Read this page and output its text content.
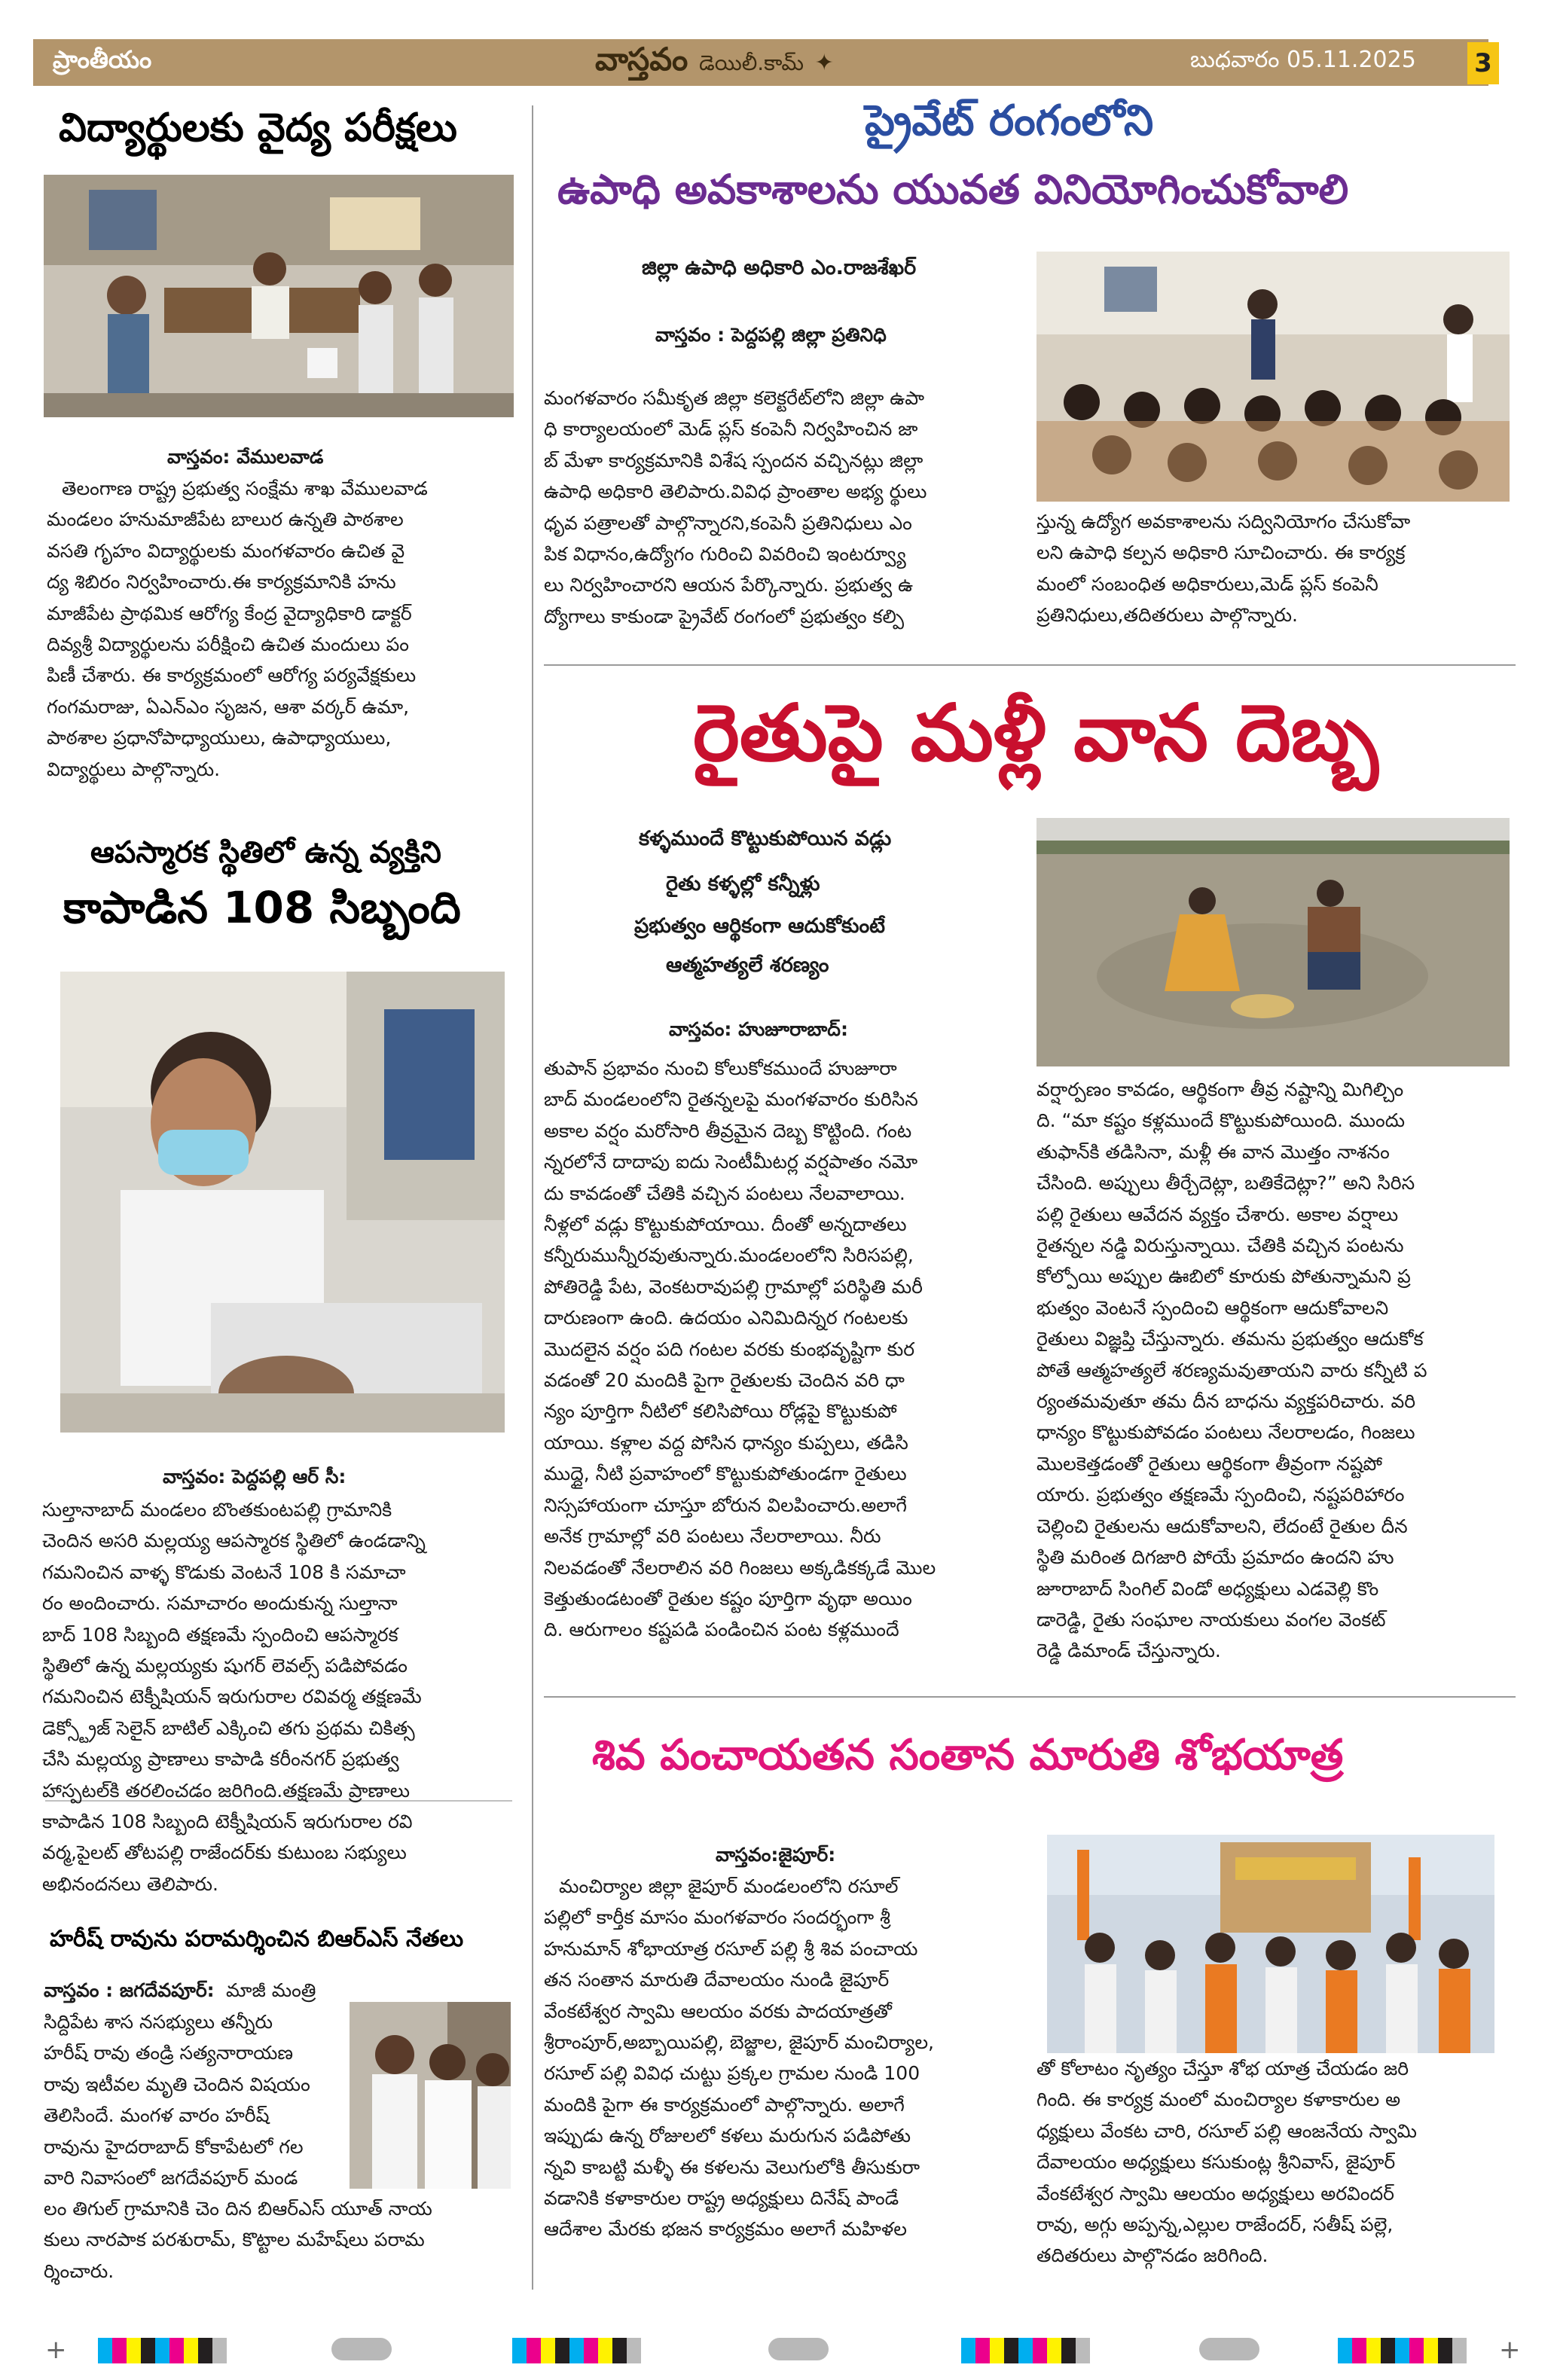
ప్రాంతీయం	వాస్తవం డెయిలీ.కామ్ ✦	బుధవారం 05.11.2025 3
విద్యార్థులకు వైద్య పరీక్షలు
వాస్తవం: వేములవాడ

తెలంగాణ రాష్ట్ర ప్రభుత్వ సంక్షేమ శాఖ వేములవాడ

మండలం హనుమాజీపేట బాలుర ఉన్నతి పాఠశాల

వసతి గృహం విద్యార్థులకు మంగళవారం ఉచిత వై

ద్య శిబిరం నిర్వహించారు.ఈ కార్యక్రమానికి హను

మాజీపేట ప్రాథమిక ఆరోగ్య కేంద్ర వైద్యాధికారి డాక్టర్

దివ్యశ్రీ విద్యార్థులను పరీక్షించి ఉచిత మందులు పం

పిణీ చేశారు. ఈ కార్యక్రమంలో ఆరోగ్య పర్యవేక్షకులు

గంగమరాజు, ఏఎన్ఎం సృజన, ఆశా వర్కర్ ఉమా,

పాఠశాల ప్రధానోపాధ్యాయులు, ఉపాధ్యాయులు,

విద్యార్థులు పాల్గొన్నారు.

ఆపస్మారక స్థితిలో ఉన్న వ్యక్తిని
కాపాడిన 108 సిబ్బంది
వాస్తవం: పెద్దపల్లి ఆర్ సీ:

సుల్తానాబాద్ మండలం బొంతకుంటపల్లి గ్రామానికి

చెందిన అసరి మల్లయ్య ఆపస్మారక స్థితిలో ఉండడాన్ని

గమనించిన వాళ్ళ కొడుకు వెంటనే 108 కి సమాచా

రం అందించారు. సమాచారం అందుకున్న సుల్తానా

బాద్ 108 సిబ్బంది తక్షణమే స్పందించి ఆపస్మారక

స్థితిలో ఉన్న మల్లయ్యకు షుగర్ లెవల్స్ పడిపోవడం

గమనించిన టెక్నీషియన్ ఇరుగురాల రవివర్మ తక్షణమే

డెక్స్ట్రోజ్ సెలైన్ బాటిల్ ఎక్కించి తగు ప్రథమ చికిత్స

చేసి మల్లయ్య ప్రాణాలు కాపాడి కరీంనగర్ ప్రభుత్వ

హాస్పటల్‌కి తరలించడం జరిగింది.తక్షణమే ప్రాణాలు

కాపాడిన 108 సిబ్బంది టెక్నీషియన్ ఇరుగురాల రవి

వర్మ,పైలట్ తోటపల్లి రాజేందర్‌కు కుటుంబ సభ్యులు

అభినందనలు తెలిపారు.

హరీష్ రావును పరామర్శించిన బిఆర్ఎస్ నేతలు
వాస్తవం : జగదేవపూర్: మాజీ మంత్రి

సిద్దిపేట శాస నసభ్యులు తన్నీరు

హరీష్ రావు తండ్రి సత్యనారాయణ

రావు ఇటీవల మృతి చెందిన విషయం

తెలిసిందే. మంగళ వారం హరీష్

రావును హైదరాబాద్ కోకాపేటలో గల

వారి నివాసంలో జగదేవపూర్ మండ

లం తిగుల్ గ్రామానికి చెం దిన బిఆర్ఎస్ యూత్ నాయ

కులు నారపాక పరశురామ్, కొట్టాల మహేష్‌లు పరామ

ర్శించారు.

ప్రైవేట్ రంగంలోని
ఉపాధి అవకాశాలను యువత వినియోగించుకోవాలి
జిల్లా ఉపాధి అధికారి ఎం.రాజశేఖర్
వాస్తవం : పెద్దపల్లి జిల్లా ప్రతినిధి

మంగళవారం సమీకృత జిల్లా కలెక్టరేట్‌లోని జిల్లా ఉపా

ధి కార్యాలయంలో మెడ్ ప్లస్ కంపెనీ నిర్వహించిన జా

బ్ మేళా కార్యక్రమానికి విశేష స్పందన వచ్చినట్లు జిల్లా

ఉపాధి అధికారి తెలిపారు.వివిధ ప్రాంతాల అభ్య ర్థులు

ధృవ పత్రాలతో పాల్గొన్నారని,కంపెనీ ప్రతినిధులు ఎం

పిక విధానం,ఉద్యోగం గురించి వివరించి ఇంటర్వ్యూ

లు నిర్వహించారని ఆయన పేర్కొన్నారు. ప్రభుత్వ ఉ

ద్యోగాలు కాకుండా ప్రైవేట్ రంగంలో ప్రభుత్వం కల్పి

స్తున్న ఉద్యోగ అవకాశాలను సద్వినియోగం చేసుకోవా

లని ఉపాధి కల్పన అధికారి సూచించారు. ఈ కార్యక్ర

మంలో సంబంధిత అధికారులు,మెడ్ ప్లస్ కంపెనీ

ప్రతినిధులు,తదితరులు పాల్గొన్నారు.

రైతుపై మళ్లీ వాన దెబ్బ
కళ్ళముందే కొట్టుకుపోయిన వడ్లు
రైతు కళ్ళల్లో కన్నీళ్లు
ప్రభుత్వం ఆర్థికంగా ఆదుకోకుంటే
ఆత్మహత్యలే శరణ్యం
వాస్తవం: హుజూరాబాద్:

తుపాన్ ప్రభావం నుంచి కోలుకోకముందే హుజూరా

బాద్ మండలంలోని రైతన్నలపై మంగళవారం కురిసిన

అకాల వర్షం మరోసారి తీవ్రమైన దెబ్బ కొట్టింది. గంట

న్నరలోనే దాదాపు ఐదు సెంటీమీటర్ల వర్షపాతం నమో

దు కావడంతో చేతికి వచ్చిన పంటలు నేలవాలాయి.

నీళ్లలో వడ్లు కొట్టుకుపోయాయి. దీంతో అన్నదాతలు

కన్నీరుమున్నీరవుతున్నారు.మండలంలోని సిరిసపల్లి,

పోతిరెడ్డి పేట, వెంకటరావుపల్లి గ్రామాల్లో పరిస్థితి మరీ

దారుణంగా ఉంది. ఉదయం ఎనిమిదిన్నర గంటలకు

మొదలైన వర్షం పది గంటల వరకు కుంభవృష్టిగా కుర

వడంతో 20 మందికి పైగా రైతులకు చెందిన వరి ధా

న్యం పూర్తిగా నీటిలో కలిసిపోయి రోడ్లపై కొట్టుకుపో

యాయి. కళ్లాల వద్ద పోసిన ధాన్యం కుప్పలు, తడిసి

ముద్దై, నీటి ప్రవాహంలో కొట్టుకుపోతుండగా రైతులు

నిస్సహాయంగా చూస్తూ బోరున విలపించారు.అలాగే

అనేక గ్రామాల్లో వరి పంటలు నేలరాలాయి. నీరు

నిలవడంతో నేలరాలిన వరి గింజలు అక్కడికక్కడే మొల

కెత్తుతుండటంతో రైతుల కష్టం పూర్తిగా వృథా అయిం

ది. ఆరుగాలం కష్టపడి పండించిన పంట కళ్లముందే

వర్షార్పణం కావడం, ఆర్థికంగా తీవ్ర నష్టాన్ని మిగిల్చిం

ది. “మా కష్టం కళ్లముందే కొట్టుకుపోయింది. ముందు

తుఫాన్‌కి తడిసినా, మళ్లీ ఈ వాన మొత్తం నాశనం

చేసింది. అప్పులు తీర్చేదెట్లా, బతికేదెట్లా?” అని సిరిస

పల్లి రైతులు ఆవేదన వ్యక్తం చేశారు. అకాల వర్షాలు

రైతన్నల నడ్డి విరుస్తున్నాయి. చేతికి వచ్చిన పంటను

కోల్పోయి అప్పుల ఊబిలో కూరుకు పోతున్నామని ప్ర

భుత్వం వెంటనే స్పందించి ఆర్థికంగా ఆదుకోవాలని

రైతులు విజ్ఞప్తి చేస్తున్నారు. తమను ప్రభుత్వం ఆదుకోక

పోతే ఆత్మహత్యలే శరణ్యమవుతాయని వారు కన్నీటి ప

ర్యంతమవుతూ తమ దీన బాధను వ్యక్తపరిచారు. వరి

ధాన్యం కొట్టుకుపోవడం పంటలు నేలరాలడం, గింజలు

మొలకెత్తడంతో రైతులు ఆర్థికంగా తీవ్రంగా నష్టపో

యారు. ప్రభుత్వం తక్షణమే స్పందించి, నష్టపరిహారం

చెల్లించి రైతులను ఆదుకోవాలని, లేదంటే రైతుల దీన

స్థితి మరింత దిగజారి పోయే ప్రమాదం ఉందని హు

జూరాబాద్ సింగిల్ విండో అధ్యక్షులు ఎడవెల్లి కొం

డారెడ్డి, రైతు సంఘాల నాయకులు వంగల వెంకట్

రెడ్డి డిమాండ్ చేస్తున్నారు.

శివ పంచాయతన సంతాన మారుతి శోభయాత్ర
వాస్తవం:జైపూర్:

మంచిర్యాల జిల్లా జైపూర్ మండలంలోని రసూల్

పల్లిలో కార్తీక మాసం మంగళవారం సందర్భంగా శ్రీ

హనుమాన్ శోభాయాత్ర రసూల్ పల్లి శ్రీ శివ పంచాయ

తన సంతాన మారుతి దేవాలయం నుండి జైపూర్

వేంకటేశ్వర స్వామి ఆలయం వరకు పాదయాత్రతో

శ్రీరాంపూర్,అబ్బాయిపల్లి, బెజ్జాల, జైపూర్ మంచిర్యాల,

రసూల్ పల్లి వివిధ చుట్టు ప్రక్కల గ్రామల నుండి 100

మందికి పైగా ఈ కార్యక్రమంలో పాల్గొన్నారు. అలాగే

ఇప్పుడు ఉన్న రోజులలో కళలు మరుగున పడిపోతు

న్నవి కాబట్టి మళ్ళీ ఈ కళలను వెలుగులోకి తీసుకురా

వడానికి కళాకారుల రాష్ట్ర అధ్యక్షులు దినేష్ పాండే

ఆదేశాల మేరకు భజన కార్యక్రమం అలాగే మహిళల

తో కోలాటం నృత్యం చేస్తూ శోభ యాత్ర చేయడం జరి

గింది. ఈ కార్యక్ర మంలో మంచిర్యాల కళాకారుల అ

ధ్యక్షులు వేంకట చారి, రసూల్ పల్లి ఆంజనేయ స్వామి

దేవాలయం అధ్యక్షులు కసుకుంట్ల శ్రీనివాస్, జైపూర్

వేంకటేశ్వర స్వామి ఆలయం అధ్యక్షులు అరవిందర్

రావు, అగ్గు అప్పన్న,ఎల్లుల రాజేందర్, సతీష్ పల్లె,

తదితరులు పాల్గొనడం జరిగింది.

+	+
